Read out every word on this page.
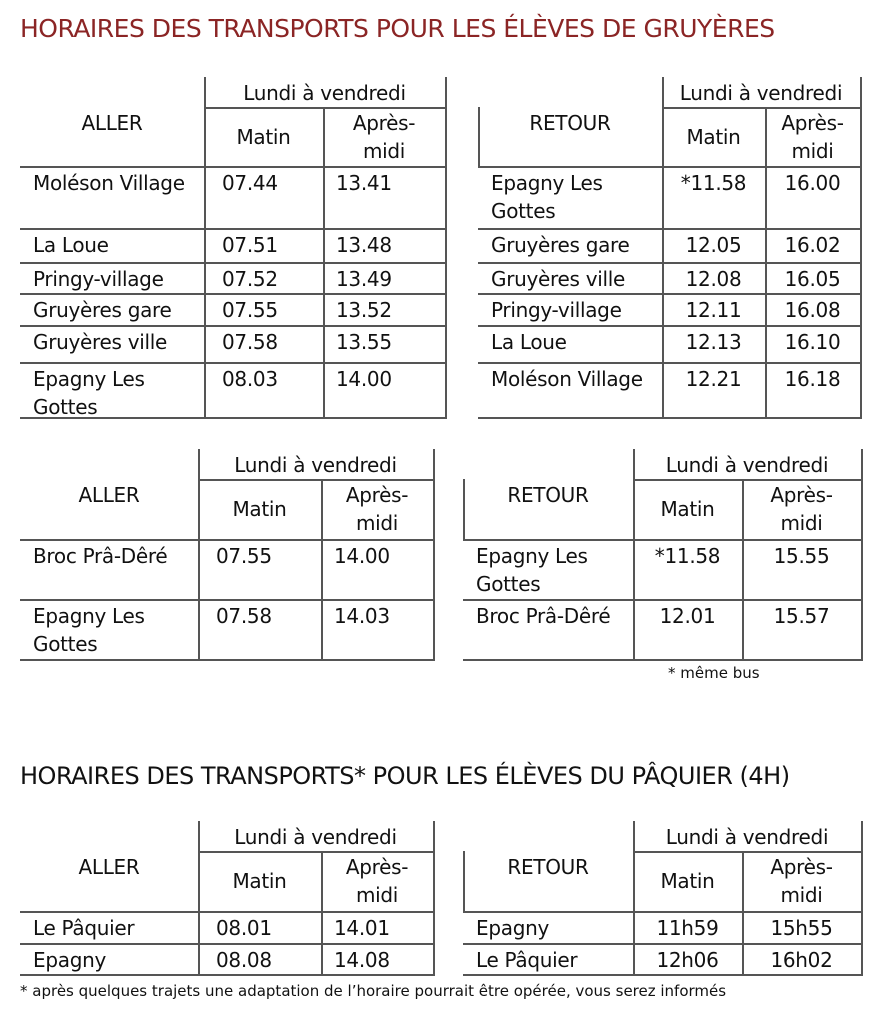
HORAIRES DES TRANSPORTS POUR LES ÉLÈVES DE GRUYÈRES
HORAIRES DES TRANSPORTS* POUR LES ÉLÈVES DU PÂQUIER (4H)
ALLER
Lundi à vendredi
Matin
Après-
midi
Moléson Village 07.44	13.41
La Loue	07.51	13.48
Pringy-village	07.52	13.49
Gruyères gare	07.55	13.52
Gruyères ville	07.58	13.55
Epagny Les
Gottes
08.03	14.00
RETOUR
Lundi à vendredi
Matin
Après-
midi
Epagny Les
Gottes
*11.58	16.00
Gruyères gare	12.05	16.02
Gruyères ville	12.08	16.05
Pringy-village	12.11	16.08
La Loue	12.13	16.10
Moléson Village	12.21	16.18
ALLER
Lundi à vendredi
Matin
Après-
midi
Broc Prâ-Dêré 07.55	14.00
Epagny Les
Gottes
07.58	14.03
RETOUR
Lundi à vendredi
Matin
Après-
midi
Epagny Les
Gottes
*11.58	15.55
Broc Prâ-Dêré	12.01	15.57
ALLER
Lundi à vendredi
Matin
Après-
midi
Le Pâquier	08.01	14.01
Epagny	08.08	14.08
RETOUR
Lundi à vendredi
Matin
Après-
midi
Epagny	11h59	15h55
Le Pâquier	12h06	16h02
* même bus
* après quelques trajets une adaptation de l’horaire pourrait être opérée, vous serez informés
